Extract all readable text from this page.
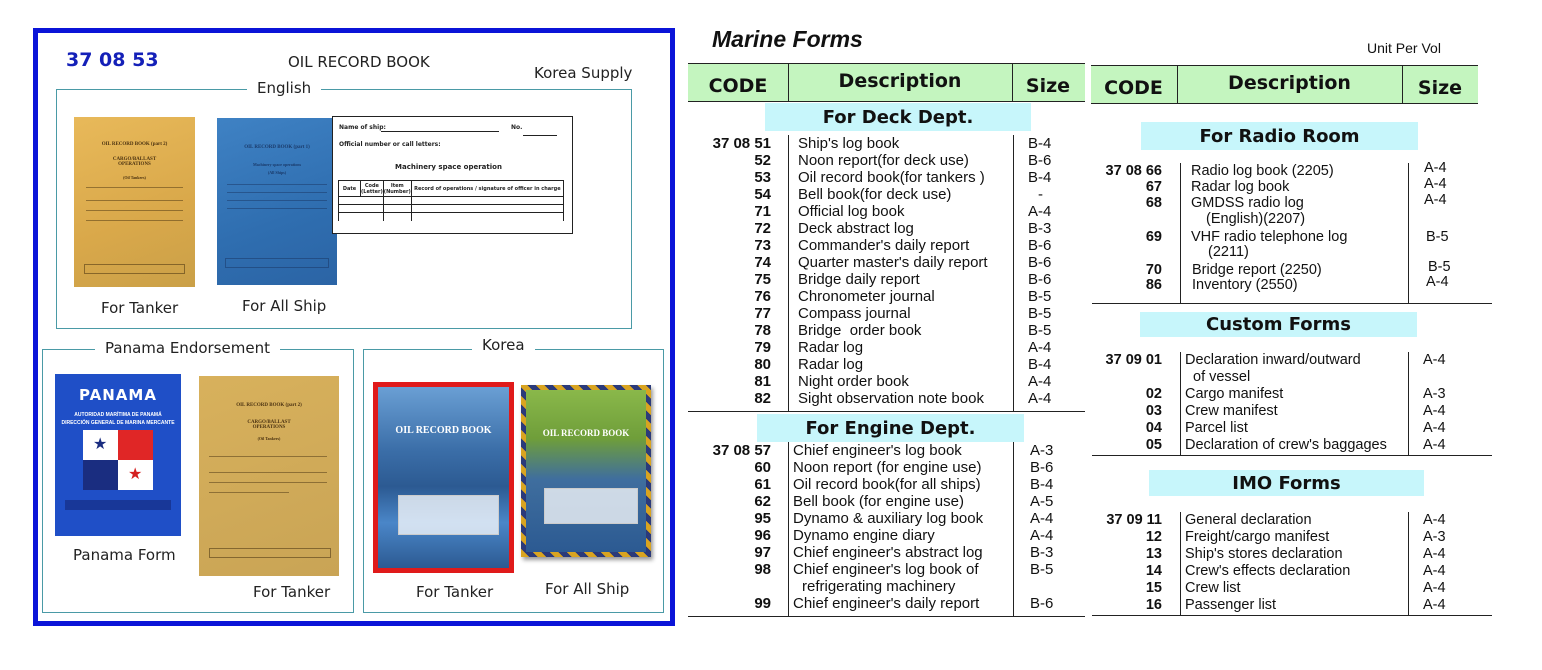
37 08 53	OIL RECORD BOOK
Korea Supply
English
OIL RECORD BOOK (part 2)
CARGO/BALLAST OPERATIONS
(Oil Tankers)
For Tanker
OIL RECORD BOOK (part 1)
Machinery space operations
(All Ships)
For All Ship
Name of ship:	No.
Official number or call letters:
Machinery space operation
Date	Code (Letter)	Item (Number)	Record of operations / signature of officer in charge

Panama Endorsement
PANAMA
AUTORIDAD MARÍTIMA DE PANAMÁ
DIRECCIÓN GENERAL DE MARINA MERCANTE
★
★
Panama Form
OIL RECORD BOOK (part 2)
CARGO/BALLAST OPERATIONS
(Oil Tankers)
For Tanker
Korea
OIL RECORD BOOK
For Tanker
OIL RECORD BOOK
For All Ship
Marine Forms	Unit Per Vol
CODE	Description	Size	CODE	Description	Size
For Deck Dept.
37 08 51 Ship's log book	B-4
52 Noon report(for deck use)	B-6
53 Oil record book(for tankers )	B-4
54 Bell book(for deck use)	-
71 Official log book	A-4
72 Deck abstract log	B-3
73 Commander's daily report	B-6
74 Quarter master's daily report	B-6
75 Bridge daily report	B-6
76 Chronometer journal	B-5
77 Compass journal	B-5
78 Bridge  order book	B-5
79 Radar log	A-4
80 Radar log	B-4
81 Night order book	A-4
82 Sight observation note book	A-4
For Engine Dept.
37 08 57 Chief engineer's log book	A-3
60 Noon report (for engine use)	B-6
61 Oil record book(for all ships)	B-4
62 Bell book (for engine use)	A-5
95 Dynamo & auxiliary log book	A-4
96 Dynamo engine diary	A-4
97 Chief engineer's abstract log	B-3
98 Chief engineer's log book of	B-5
refrigerating machinery
99 Chief engineer's daily report	B-6
For Radio Room
37 08 66 Radio log book (2205)	A-4
67 Radar log book	A-4
68 GMDSS radio log	A-4
(English)(2207)
69 VHF radio telephone log	B-5
(2211)
70 Bridge report (2250)	B-5
86 Inventory (2550)	A-4
Custom Forms
37 09 01 Declaration inward/outward	A-4
of vessel
02 Cargo manifest	A-3
03 Crew manifest	A-4
04 Parcel list	A-4
05 Declaration of crew's baggages A-4
IMO Forms
37 09 11 General declaration	A-4
12 Freight/cargo manifest	A-3
13 Ship's stores declaration	A-4
14 Crew's effects declaration	A-4
15 Crew list	A-4
16 Passenger list	A-4
